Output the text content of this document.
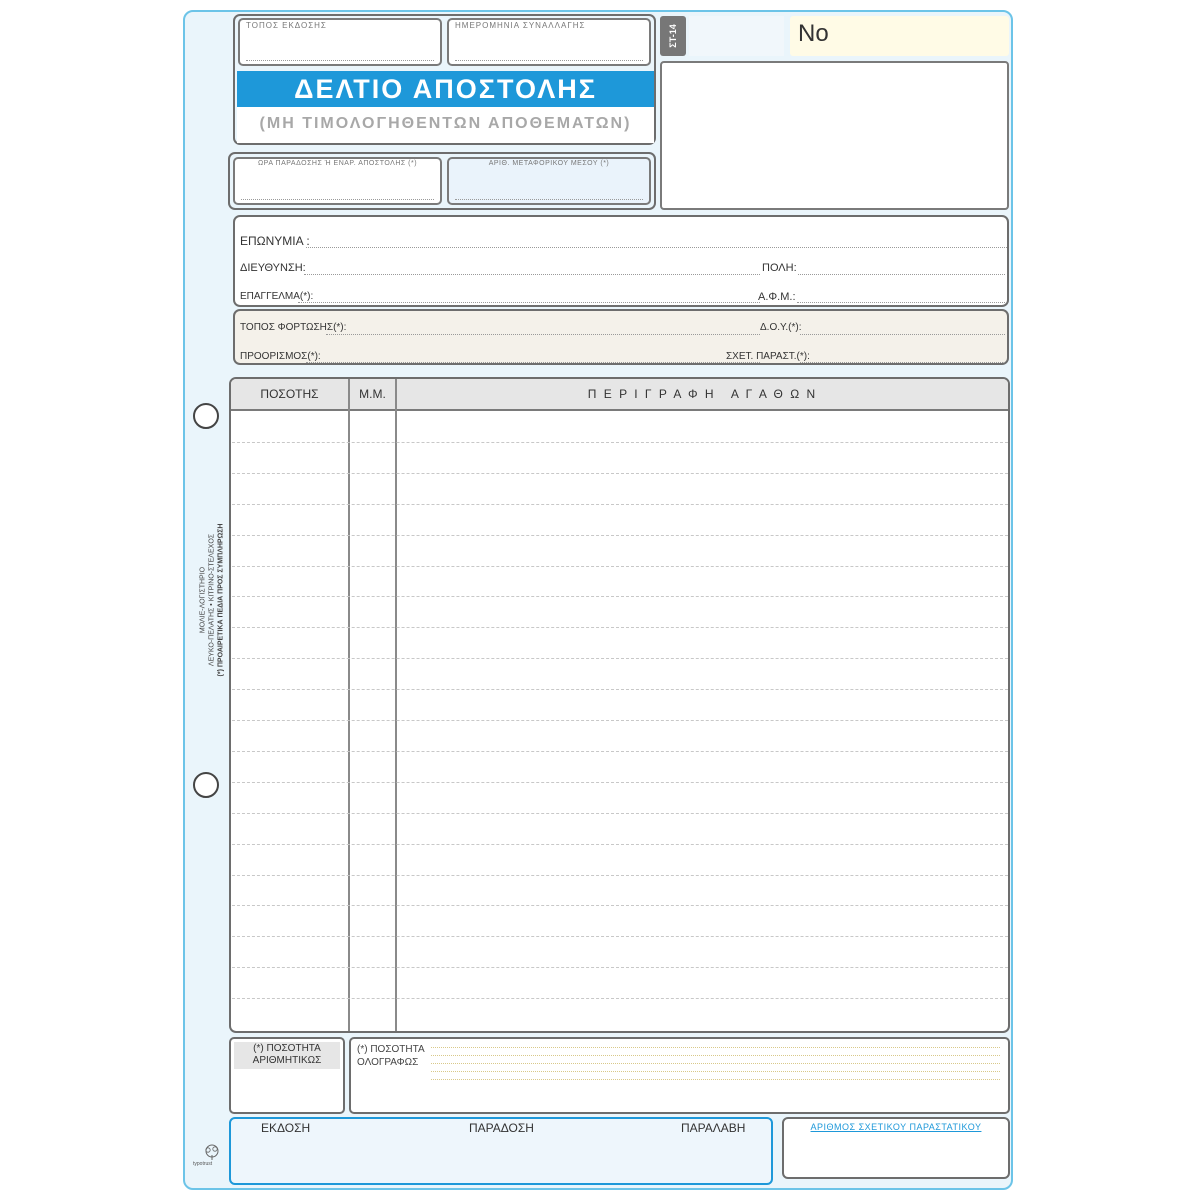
ΜΟΛΙΕ-ΛΟΓΙΣΤΗΡΙΟ ΛΕΥΚΟ-ΠΕΛΑΤΗΣ • ΚΙΤΡΙΝΟ-ΣΤΕΛΕΧΟΣ (*) ΠΡΟΑΙΡΕΤΙΚΑ ΠΕΔΙΑ ΠΡΟΣ ΣΥΜΠΛΗΡΩΣΗ
ΤΟΠΟΣ ΕΚΔΟΣΗΣ	ΗΜΕΡΟΜΗΝΙΑ ΣΥΝΑΛΛΑΓΗΣ
ΔΕΛΤΙΟ ΑΠΟΣΤΟΛΗΣ
(ΜΗ ΤΙΜΟΛΟΓΗΘΕΝΤΩΝ ΑΠΟΘΕΜΑΤΩΝ)
ΩΡΑ ΠΑΡΑΔΟΣΗΣ Ή ΕΝΑΡ. ΑΠΟΣΤΟΛΗΣ (*)	ΑΡΙΘ. ΜΕΤΑΦΟΡΙΚΟΥ ΜΕΣΟΥ (*)
ΣΤ-14	No
ΕΠΩΝΥΜΙΑ :
ΔΙΕΥΘΥΝΣΗ:	ΠΟΛΗ:
ΕΠΑΓΓΕΛΜΑ(*):	Α.Φ.Μ.:
ΤΟΠΟΣ ΦΟΡΤΩΣΗΣ(*):	Δ.Ο.Υ.(*):
ΠΡΟΟΡΙΣΜΟΣ(*):	ΣΧΕΤ. ΠΑΡΑΣΤ.(*):
ΠΟΣΟΤΗΣ	Μ.Μ.	Π Ε Ρ Ι Γ Ρ Α Φ Η   Α Γ Α Θ Ω Ν
(*) ΠΟΣΟΤΗΤΑ
ΑΡΙΘΜΗΤΙΚΩΣ
(*) ΠΟΣΟΤΗΤΑ
ΟΛΟΓΡΑΦΩΣ
ΕΚΔΟΣΗ	ΠΑΡΑΔΟΣΗ	ΠΑΡΑΛΑΒΗ	ΑΡΙΘΜΟΣ ΣΧΕΤΙΚΟΥ ΠΑΡΑΣΤΑΤΙΚΟΥ
typotrust
